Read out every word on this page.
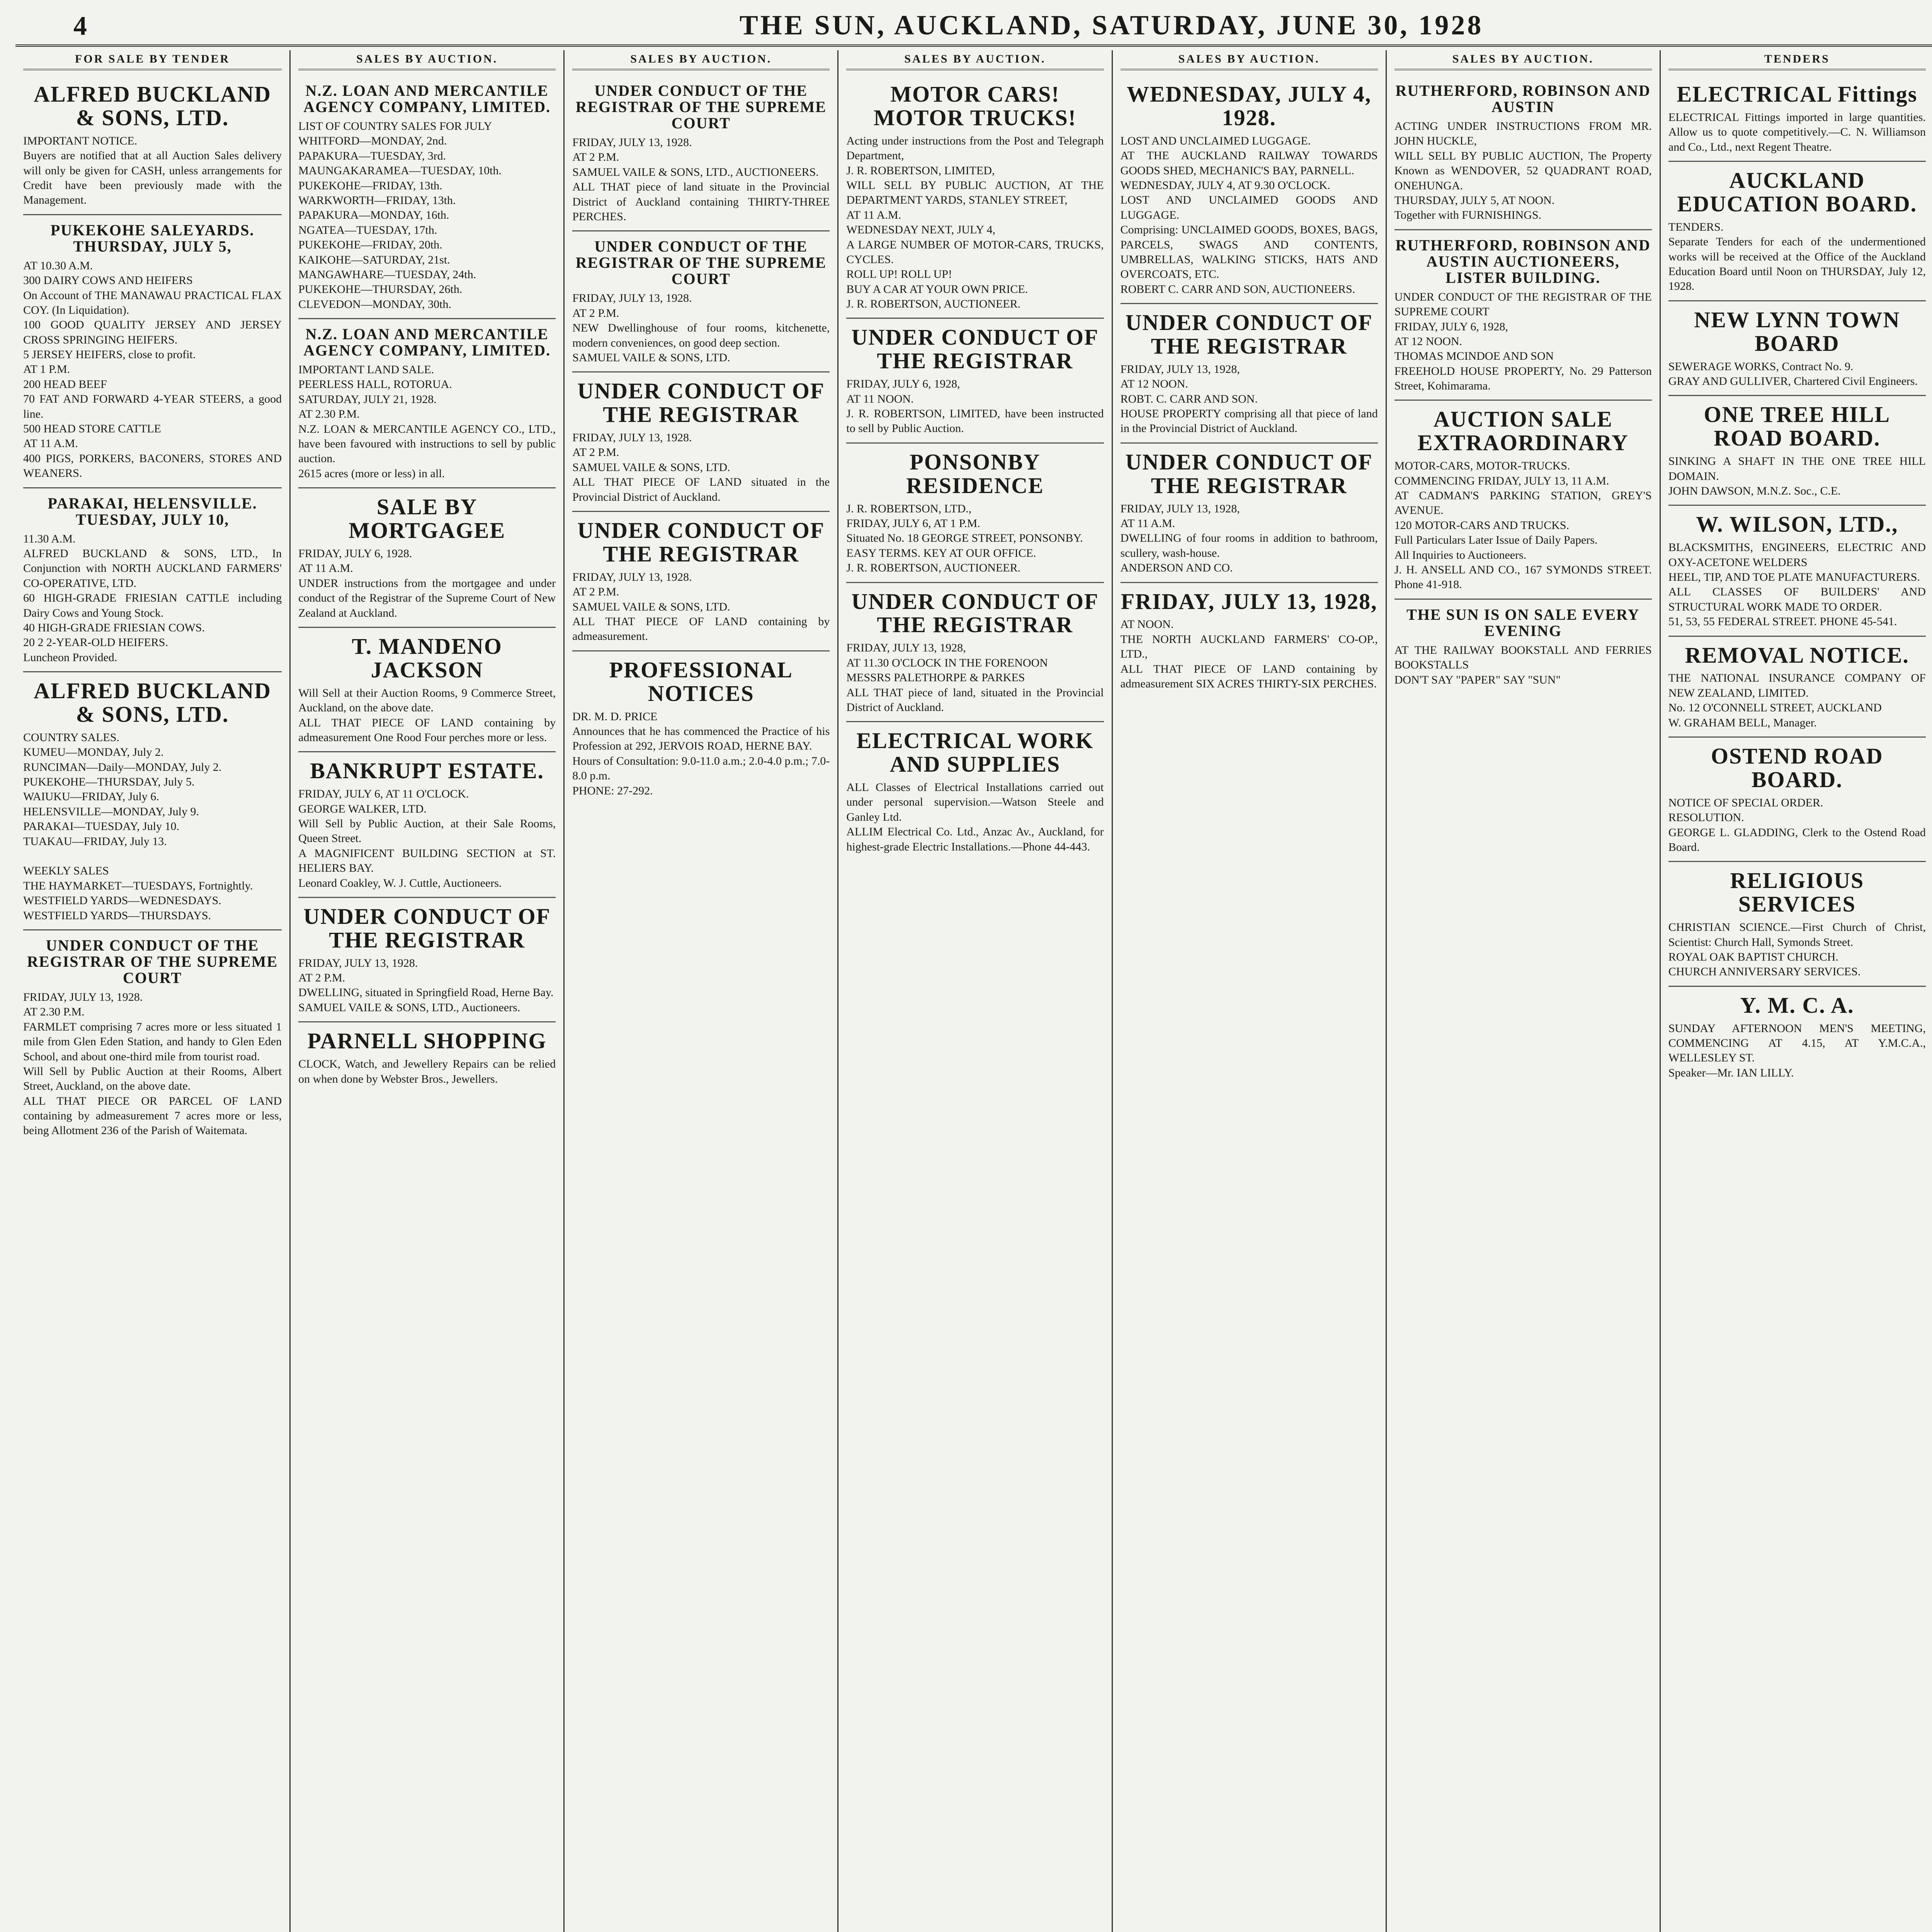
4	THE SUN, AUCKLAND, SATURDAY, JUNE 30, 1928
FOR SALE BY TENDER
ALFRED BUCKLAND & SONS, LTD.
IMPORTANT NOTICE.
Buyers are notified that at all Auction Sales delivery will only be given for CASH, unless arrangements for Credit have been previously made with the Management.
PUKEKOHE SALEYARDS. THURSDAY, JULY 5,
AT 10.30 A.M.
300 DAIRY COWS AND HEIFERS
On Account of THE MANAWAU PRACTICAL FLAX COY. (In Liquidation).
100 GOOD QUALITY JERSEY AND JERSEY CROSS SPRINGING HEIFERS.
5 JERSEY HEIFERS, close to profit.
AT 1 P.M.
200 HEAD BEEF
70 FAT AND FORWARD 4-YEAR STEERS, a good line.
500 HEAD STORE CATTLE
AT 11 A.M.
400 PIGS, PORKERS, BACONERS, STORES AND WEANERS.
PARAKAI, HELENSVILLE. TUESDAY, JULY 10,
11.30 A.M.
ALFRED BUCKLAND & SONS, LTD., In Conjunction with NORTH AUCKLAND FARMERS' CO-OPERATIVE, LTD.
60 HIGH-GRADE FRIESIAN CATTLE including Dairy Cows and Young Stock.
40 HIGH-GRADE FRIESIAN COWS.
20 2 2-YEAR-OLD HEIFERS.
Luncheon Provided.
ALFRED BUCKLAND & SONS, LTD.
COUNTRY SALES.
KUMEU—MONDAY, July 2.
RUNCIMAN—Daily—MONDAY, July 2.
PUKEKOHE—THURSDAY, July 5.
WAIUKU—FRIDAY, July 6.
HELENSVILLE—MONDAY, July 9.
PARAKAI—TUESDAY, July 10.
TUAKAU—FRIDAY, July 13.

WEEKLY SALES
THE HAYMARKET—TUESDAYS, Fortnightly.
WESTFIELD YARDS—WEDNESDAYS.
WESTFIELD YARDS—THURSDAYS.
UNDER CONDUCT OF THE REGISTRAR OF THE SUPREME COURT
FRIDAY, JULY 13, 1928.
AT 2.30 P.M.
FARMLET comprising 7 acres more or less situated 1 mile from Glen Eden Station, and handy to Glen Eden School, and about one-third mile from tourist road.
Will Sell by Public Auction at their Rooms, Albert Street, Auckland, on the above date.
ALL THAT PIECE OR PARCEL OF LAND containing by admeasurement 7 acres more or less, being Allotment 236 of the Parish of Waitemata.
SALES BY AUCTION.
N.Z. LOAN AND MERCANTILE AGENCY COMPANY, LIMITED.
LIST OF COUNTRY SALES FOR JULY
WHITFORD—MONDAY, 2nd.
PAPAKURA—TUESDAY, 3rd.
MAUNGAKARAMEA—TUESDAY, 10th.
PUKEKOHE—FRIDAY, 13th.
WARKWORTH—FRIDAY, 13th.
PAPAKURA—MONDAY, 16th.
NGATEA—TUESDAY, 17th.
PUKEKOHE—FRIDAY, 20th.
KAIKOHE—SATURDAY, 21st.
MANGAWHARE—TUESDAY, 24th.
PUKEKOHE—THURSDAY, 26th.
CLEVEDON—MONDAY, 30th.
N.Z. LOAN AND MERCANTILE AGENCY COMPANY, LIMITED.
IMPORTANT LAND SALE.
PEERLESS HALL, ROTORUA.
SATURDAY, JULY 21, 1928.
AT 2.30 P.M.
N.Z. LOAN & MERCANTILE AGENCY CO., LTD., have been favoured with instructions to sell by public auction.
2615 acres (more or less) in all.
SALE BY MORTGAGEE
FRIDAY, JULY 6, 1928.
AT 11 A.M.
UNDER instructions from the mortgagee and under conduct of the Registrar of the Supreme Court of New Zealand at Auckland.
T. MANDENO JACKSON
Will Sell at their Auction Rooms, 9 Commerce Street, Auckland, on the above date.
ALL THAT PIECE OF LAND containing by admeasurement One Rood Four perches more or less.
BANKRUPT ESTATE.
FRIDAY, JULY 6, AT 11 O'CLOCK.
GEORGE WALKER, LTD.
Will Sell by Public Auction, at their Sale Rooms, Queen Street.
A MAGNIFICENT BUILDING SECTION at ST. HELIERS BAY.
Leonard Coakley, W. J. Cuttle, Auctioneers.
UNDER CONDUCT OF THE REGISTRAR
FRIDAY, JULY 13, 1928.
AT 2 P.M.
DWELLING, situated in Springfield Road, Herne Bay.
SAMUEL VAILE & SONS, LTD., Auctioneers.
PARNELL SHOPPING
CLOCK, Watch, and Jewellery Repairs can be relied on when done by Webster Bros., Jewellers.
SALES BY AUCTION.
UNDER CONDUCT OF THE REGISTRAR OF THE SUPREME COURT
FRIDAY, JULY 13, 1928.
AT 2 P.M.
SAMUEL VAILE & SONS, LTD., AUCTIONEERS.
ALL THAT piece of land situate in the Provincial District of Auckland containing THIRTY-THREE PERCHES.
UNDER CONDUCT OF THE REGISTRAR OF THE SUPREME COURT
FRIDAY, JULY 13, 1928.
AT 2 P.M.
NEW Dwellinghouse of four rooms, kitchenette, modern conveniences, on good deep section.
SAMUEL VAILE & SONS, LTD.
UNDER CONDUCT OF THE REGISTRAR
FRIDAY, JULY 13, 1928.
AT 2 P.M.
SAMUEL VAILE & SONS, LTD.
ALL THAT PIECE OF LAND situated in the Provincial District of Auckland.
UNDER CONDUCT OF THE REGISTRAR
FRIDAY, JULY 13, 1928.
AT 2 P.M.
SAMUEL VAILE & SONS, LTD.
ALL THAT PIECE OF LAND containing by admeasurement.
PROFESSIONAL NOTICES
DR. M. D. PRICE
Announces that he has commenced the Practice of his Profession at 292, JERVOIS ROAD, HERNE BAY.
Hours of Consultation: 9.0-11.0 a.m.; 2.0-4.0 p.m.; 7.0-8.0 p.m.
PHONE: 27-292.
SALES BY AUCTION.
MOTOR CARS! MOTOR TRUCKS!
Acting under instructions from the Post and Telegraph Department,
J. R. ROBERTSON, LIMITED,
WILL SELL BY PUBLIC AUCTION, AT THE DEPARTMENT YARDS, STANLEY STREET,
AT 11 A.M.
WEDNESDAY NEXT, JULY 4,
A LARGE NUMBER OF MOTOR-CARS, TRUCKS, CYCLES.
ROLL UP! ROLL UP!
BUY A CAR AT YOUR OWN PRICE.
J. R. ROBERTSON, AUCTIONEER.
UNDER CONDUCT OF THE REGISTRAR
FRIDAY, JULY 6, 1928,
AT 11 NOON.
J. R. ROBERTSON, LIMITED, have been instructed to sell by Public Auction.
PONSONBY RESIDENCE
J. R. ROBERTSON, LTD.,
FRIDAY, JULY 6, AT 1 P.M.
Situated No. 18 GEORGE STREET, PONSONBY.
EASY TERMS. KEY AT OUR OFFICE.
J. R. ROBERTSON, AUCTIONEER.
UNDER CONDUCT OF THE REGISTRAR
FRIDAY, JULY 13, 1928,
AT 11.30 O'CLOCK IN THE FORENOON
MESSRS PALETHORPE & PARKES
ALL THAT piece of land, situated in the Provincial District of Auckland.
ELECTRICAL WORK AND SUPPLIES
ALL Classes of Electrical Installations carried out under personal supervision.—Watson Steele and Ganley Ltd.
ALLIM Electrical Co. Ltd., Anzac Av., Auckland, for highest-grade Electric Installations.—Phone 44-443.
SALES BY AUCTION.
WEDNESDAY, JULY 4, 1928.
LOST AND UNCLAIMED LUGGAGE.
AT THE AUCKLAND RAILWAY TOWARDS GOODS SHED, MECHANIC'S BAY, PARNELL.
WEDNESDAY, JULY 4, AT 9.30 O'CLOCK.
LOST AND UNCLAIMED GOODS AND LUGGAGE.
Comprising: UNCLAIMED GOODS, BOXES, BAGS, PARCELS, SWAGS AND CONTENTS, UMBRELLAS, WALKING STICKS, HATS AND OVERCOATS, ETC.
ROBERT C. CARR AND SON, AUCTIONEERS.
UNDER CONDUCT OF THE REGISTRAR
FRIDAY, JULY 13, 1928,
AT 12 NOON.
ROBT. C. CARR AND SON.
HOUSE PROPERTY comprising all that piece of land in the Provincial District of Auckland.
UNDER CONDUCT OF THE REGISTRAR
FRIDAY, JULY 13, 1928,
AT 11 A.M.
DWELLING of four rooms in addition to bathroom, scullery, wash-house.
ANDERSON AND CO.
FRIDAY, JULY 13, 1928,
AT NOON.
THE NORTH AUCKLAND FARMERS' CO-OP., LTD.,
ALL THAT PIECE OF LAND containing by admeasurement SIX ACRES THIRTY-SIX PERCHES.
SALES BY AUCTION.
RUTHERFORD, ROBINSON AND AUSTIN
ACTING UNDER INSTRUCTIONS FROM MR. JOHN HUCKLE,
WILL SELL BY PUBLIC AUCTION, The Property Known as WENDOVER, 52 QUADRANT ROAD, ONEHUNGA.
THURSDAY, JULY 5, AT NOON.
Together with FURNISHINGS.
RUTHERFORD, ROBINSON AND AUSTIN AUCTIONEERS, LISTER BUILDING.
UNDER CONDUCT OF THE REGISTRAR OF THE SUPREME COURT
FRIDAY, JULY 6, 1928,
AT 12 NOON.
THOMAS MCINDOE AND SON
FREEHOLD HOUSE PROPERTY, No. 29 Patterson Street, Kohimarama.
AUCTION SALE EXTRAORDINARY
MOTOR-CARS, MOTOR-TRUCKS.
COMMENCING FRIDAY, JULY 13, 11 A.M.
AT CADMAN'S PARKING STATION, GREY'S AVENUE.
120 MOTOR-CARS AND TRUCKS.
Full Particulars Later Issue of Daily Papers.
All Inquiries to Auctioneers.
J. H. ANSELL AND CO., 167 SYMONDS STREET. Phone 41-918.
THE SUN IS ON SALE EVERY EVENING
AT THE RAILWAY BOOKSTALL AND FERRIES BOOKSTALLS
DON'T SAY "PAPER" SAY "SUN"
TENDERS
ELECTRICAL Fittings
ELECTRICAL Fittings imported in large quantities. Allow us to quote competitively.—C. N. Williamson and Co., Ltd., next Regent Theatre.
AUCKLAND EDUCATION BOARD.
TENDERS.
Separate Tenders for each of the undermentioned works will be received at the Office of the Auckland Education Board until Noon on THURSDAY, July 12, 1928.
NEW LYNN TOWN BOARD
SEWERAGE WORKS, Contract No. 9.
GRAY AND GULLIVER, Chartered Civil Engineers.
ONE TREE HILL ROAD BOARD.
SINKING A SHAFT IN THE ONE TREE HILL DOMAIN.
JOHN DAWSON, M.N.Z. Soc., C.E.
W. WILSON, LTD.,
BLACKSMITHS, ENGINEERS, ELECTRIC AND OXY-ACETONE WELDERS
HEEL, TIP, AND TOE PLATE MANUFACTURERS.
ALL CLASSES OF BUILDERS' AND STRUCTURAL WORK MADE TO ORDER.
51, 53, 55 FEDERAL STREET. PHONE 45-541.
REMOVAL NOTICE.
THE NATIONAL INSURANCE COMPANY OF NEW ZEALAND, LIMITED.
No. 12 O'CONNELL STREET, AUCKLAND
W. GRAHAM BELL, Manager.
OSTEND ROAD BOARD.
NOTICE OF SPECIAL ORDER.
RESOLUTION.
GEORGE L. GLADDING, Clerk to the Ostend Road Board.
RELIGIOUS SERVICES
CHRISTIAN SCIENCE.—First Church of Christ, Scientist: Church Hall, Symonds Street.
ROYAL OAK BAPTIST CHURCH.
CHURCH ANNIVERSARY SERVICES.
Y. M. C. A.
SUNDAY AFTERNOON MEN'S MEETING, COMMENCING AT 4.15, AT Y.M.C.A., WELLESLEY ST.
Speaker—Mr. IAN LILLY.
